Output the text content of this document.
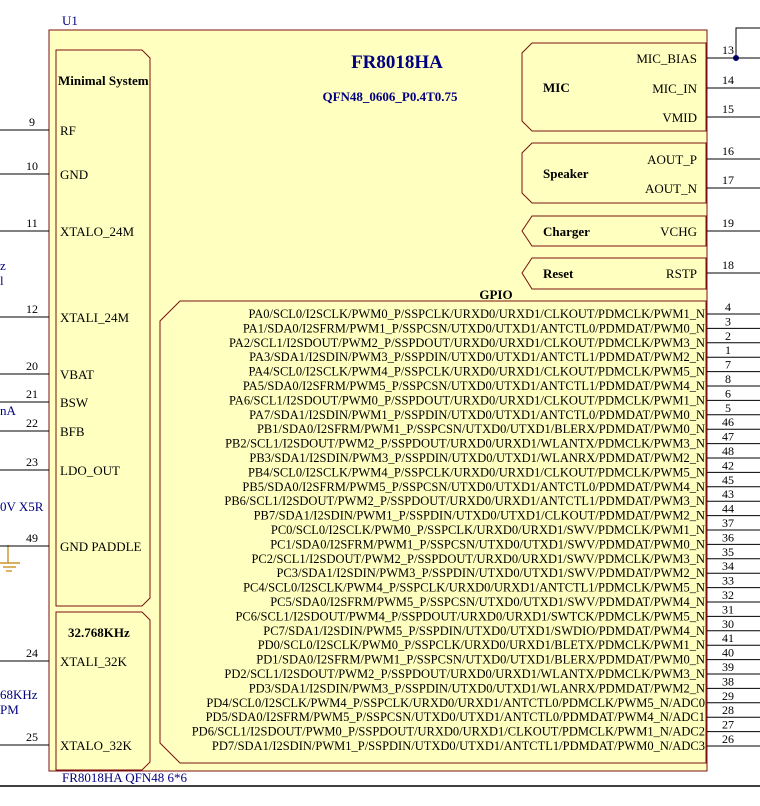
U1
FR8018HA
QFN48_0606_P0.4T0.75
FR8018HA QFN48 6*6
Minimal System
32.768KHz
MIC
Speaker
Charger
Reset
GPIO
z
l
nA
0V X5R
68KHz
PM
9
RF
10
GND
11
XTALO_24M
12
XTALI_24M
20
VBAT
21
BSW
22
BFB
23
LDO_OUT
49
GND PADDLE
24
XTALI_32K
25
XTALO_32K
13
MIC_BIAS
14
MIC_IN
15
VMID
16
AOUT_P
17
AOUT_N
19
VCHG
18
RSTP
4
PA0/SCL0/I2SCLK/PWM0_P/SSPCLK/URXD0/URXD1/CLKOUT/PDMCLK/PWM1_N
3
PA1/SDA0/I2SFRM/PWM1_P/SSPCSN/UTXD0/UTXD1/ANTCTL0/PDMDAT/PWM0_N
2
PA2/SCL1/I2SDOUT/PWM2_P/SSPDOUT/URXD0/URXD1/CLKOUT/PDMCLK/PWM3_N
1
PA3/SDA1/I2SDIN/PWM3_P/SSPDIN/UTXD0/UTXD1/ANTCTL1/PDMDAT/PWM2_N
7
PA4/SCL0/I2SCLK/PWM4_P/SSPCLK/URXD0/URXD1/CLKOUT/PDMCLK/PWM5_N
8
PA5/SDA0/I2SFRM/PWM5_P/SSPCSN/UTXD0/UTXD1/ANTCTL1/PDMDAT/PWM4_N
6
PA6/SCL1/I2SDOUT/PWM0_P/SSPDOUT/URXD0/URXD1/CLKOUT/PDMCLK/PWM1_N
5
PA7/SDA1/I2SDIN/PWM1_P/SSPDIN/UTXD0/UTXD1/ANTCTL0/PDMDAT/PWM0_N
46
PB1/SDA0/I2SFRM/PWM1_P/SSPCSN/UTXD0/UTXD1/BLERX/PDMDAT/PWM0_N
47
PB2/SCL1/I2SDOUT/PWM2_P/SSPDOUT/URXD0/URXD1/WLANTX/PDMCLK/PWM3_N
48
PB3/SDA1/I2SDIN/PWM3_P/SSPDIN/UTXD0/UTXD1/WLANRX/PDMDAT/PWM2_N
42
PB4/SCL0/I2SCLK/PWM4_P/SSPCLK/URXD0/URXD1/CLKOUT/PDMCLK/PWM5_N
45
PB5/SDA0/I2SFRM/PWM5_P/SSPCSN/UTXD0/UTXD1/ANTCTL0/PDMDAT/PWM4_N
43
PB6/SCL1/I2SDOUT/PWM2_P/SSPDOUT/URXD0/URXD1/ANTCTL1/PDMDAT/PWM3_N
44
PB7/SDA1/I2SDIN/PWM1_P/SSPDIN/UTXD0/UTXD1/CLKOUT/PDMDAT/PWM2_N
37
PC0/SCL0/I2SCLK/PWM0_P/SSPCLK/URXD0/URXD1/SWV/PDMCLK/PWM1_N
36
PC1/SDA0/I2SFRM/PWM1_P/SSPCSN/UTXD0/UTXD1/SWV/PDMDAT/PWM0_N
35
PC2/SCL1/I2SDOUT/PWM2_P/SSPDOUT/URXD0/URXD1/SWV/PDMCLK/PWM3_N
34
PC3/SDA1/I2SDIN/PWM3_P/SSPDIN/UTXD0/UTXD1/SWV/PDMDAT/PWM2_N
33
PC4/SCL0/I2SCLK/PWM4_P/SSPCLK/URXD0/URXD1/ANTCTL1/PDMCLK/PWM5_N
32
PC5/SDA0/I2SFRM/PWM5_P/SSPCSN/UTXD0/UTXD1/SWV/PDMDAT/PWM4_N
31
PC6/SCL1/I2SDOUT/PWM4_P/SSPDOUT/URXD0/URXD1/SWTCK/PDMCLK/PWM5_N
30
PC7/SDA1/I2SDIN/PWM5_P/SSPDIN/UTXD0/UTXD1/SWDIO/PDMDAT/PWM4_N
41
PD0/SCL0/I2SCLK/PWM0_P/SSPCLK/URXD0/URXD1/BLETX/PDMCLK/PWM1_N
40
PD1/SDA0/I2SFRM/PWM1_P/SSPCSN/UTXD0/UTXD1/BLERX/PDMDAT/PWM0_N
39
PD2/SCL1/I2SDOUT/PWM2_P/SSPDOUT/URXD0/URXD1/WLANTX/PDMCLK/PWM3_N
38
PD3/SDA1/I2SDIN/PWM3_P/SSPDIN/UTXD0/UTXD1/WLANRX/PDMDAT/PWM2_N
29
PD4/SCL0/I2SCLK/PWM4_P/SSPCLK/URXD0/URXD1/ANTCTL0/PDMCLK/PWM5_N/ADC0
28
PD5/SDA0/I2SFRM/PWM5_P/SSPCSN/UTXD0/UTXD1/ANTCTL0/PDMDAT/PWM4_N/ADC1
27
PD6/SCL1/I2SDOUT/PWM0_P/SSPDOUT/URXD0/URXD1/CLKOUT/PDMCLK/PWM1_N/ADC2
26
PD7/SDA1/I2SDIN/PWM1_P/SSPDIN/UTXD0/UTXD1/ANTCTL1/PDMDAT/PWM0_N/ADC3
